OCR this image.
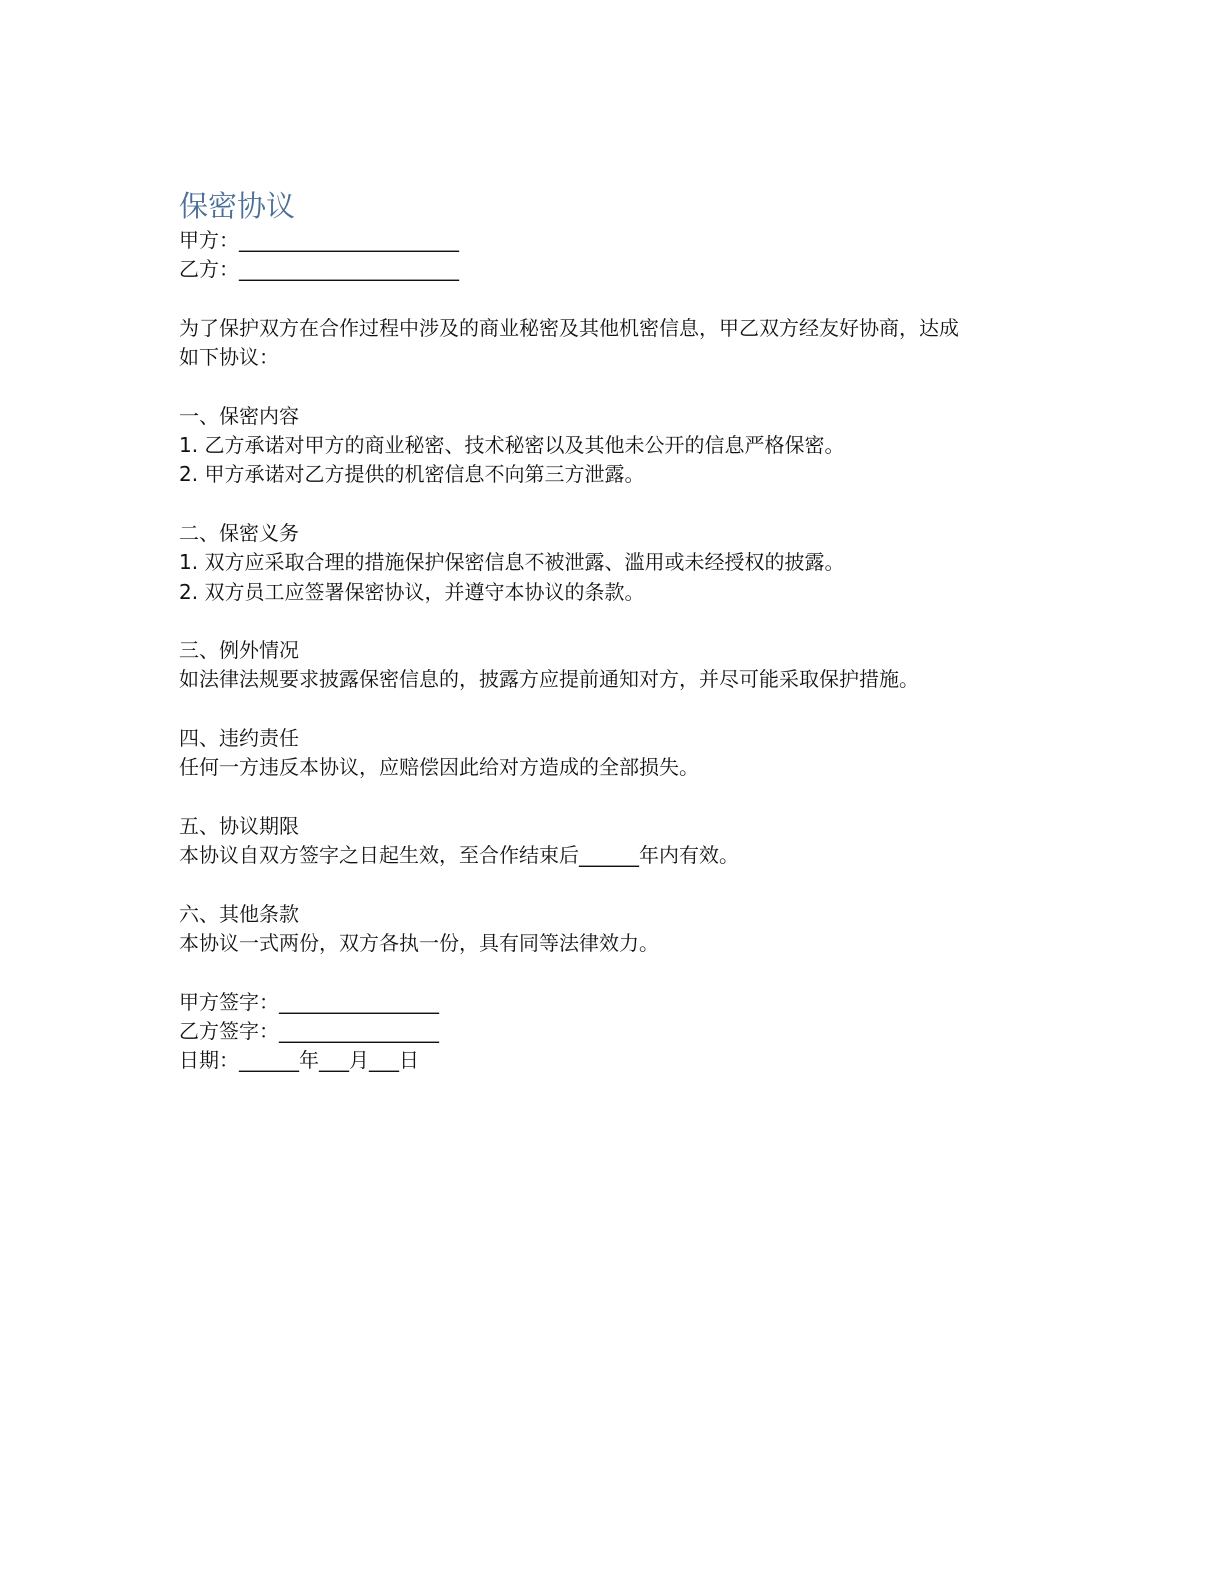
保密协议
甲方：______________________
乙方：______________________

为了保护双方在合作过程中涉及的商业秘密及其他机密信息，甲乙双方经友好协商，达成

如下协议：

一、保密内容

1. 乙方承诺对甲方的商业秘密、技术秘密以及其他未公开的信息严格保密。

2. 甲方承诺对乙方提供的机密信息不向第三方泄露。

二、保密义务

1. 双方应采取合理的措施保护保密信息不被泄露、滥用或未经授权的披露。

2. 双方员工应签署保密协议，并遵守本协议的条款。

三、例外情况

如法律法规要求披露保密信息的，披露方应提前通知对方，并尽可能采取保护措施。

四、违约责任

任何一方违反本协议，应赔偿因此给对方造成的全部损失。

五、协议期限

本协议自双方签字之日起生效，至合作结束后______年内有效。

六、其他条款

本协议一式两份，双方各执一份，具有同等法律效力。

甲方签字：________________

乙方签字：________________

日期：______年___月___日
